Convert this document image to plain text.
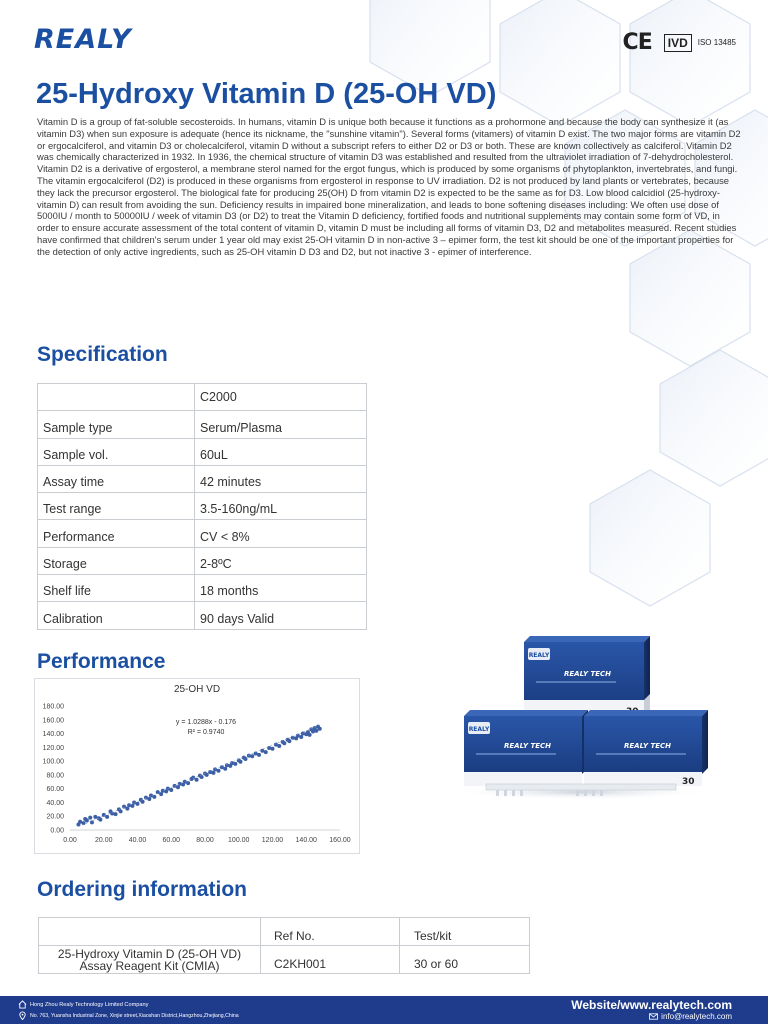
REALY	CE	IVD	ISO 13485
25-Hydroxy Vitamin D (25-OH VD)

Vitamin D is a group of fat-soluble secosteroids. In humans, vitamin D is unique both because it functions as a prohormone and because the body can synthesize it (as vitamin D3) when sun exposure is adequate (hence its nickname, the "sunshine vitamin"). Several forms (vitamers) of vitamin D exist. The two major forms are vitamin D2 or ergocalciferol, and vitamin D3 or cholecalciferol, vitamin D without a subscript refers to either D2 or D3 or both. These are known collectively as calciferol. Vitamin D2 was chemically characterized in 1932. In 1936, the chemical structure of vitamin D3 was established and resulted from the ultraviolet irradiation of 7-dehydrocholesterol. Vitamin D2 is a derivative of ergosterol, a membrane sterol named for the ergot fungus, which is produced by some organisms of phytoplankton, invertebrates, and fungi. The vitamin ergocalciferol (D2) is produced in these organisms from ergosterol in response to UV irradiation. D2 is not produced by land plants or vertebrates, because they lack the precursor ergosterol. The biological fate for producing 25(OH) D from vitamin D2 is expected to be the same as for D3. Low blood calcidiol (25-hydroxy-vitamin D) can result from avoiding the sun. Deficiency results in impaired bone mineralization, and leads to bone softening diseases including: We often use dose of 5000IU / month to 50000IU / week of vitamin D3 (or D2) to treat the Vitamin D deficiency, fortified foods and nutritional supplements may contain some form of VD, in order to ensure accurate assessment of the total content of vitamin D, vitamin D must be including all forms of vitamin D3, D2 and metabolites measured. Recent studies have confirmed that children's serum under 1 year old may exist 25-OH vitamin D in non-active 3 – epimer form, the test kit should be one of the important properties for the detection of only active ingredients, such as 25-OH vitamin D D3 and D2, but not inactive 3 - epimer of interference.

Specification
	C2000
Sample type	Serum/Plasma
Sample vol.	60uL
Assay time	42 minutes
Test range	3.5-160ng/mL
Performance	CV < 8%
Storage	2-8ºC
Shelf life	18 months
Calibration	90 days Valid
Performance
25-OH VD
0.00
20.00
40.00
60.00
80.00
100.00
120.00
140.00
160.00
180.00
0.00	20.00 40.00 60.00 80.00 100.00 120.00 140.00 160.00
y = 1.0288x - 0.176
R² = 0.9740
REALY
REALY TECH
REALY
REALY TECH	REALY TECH
30
Ordering information
	Ref No.	Test/kit

25-Hydroxy Vitamin D (25-OH VD)
Assay Reagent Kit (CMIA)	C2KH001	30 or 60
Hong Zhou Realy Technology Limited Company
No. 763, Yuansha Industrial Zone, Xinjie street,Xiaoshan District,Hangzhou,Zhejiang,China
Website/www.realytech.com
info@realytech.com
